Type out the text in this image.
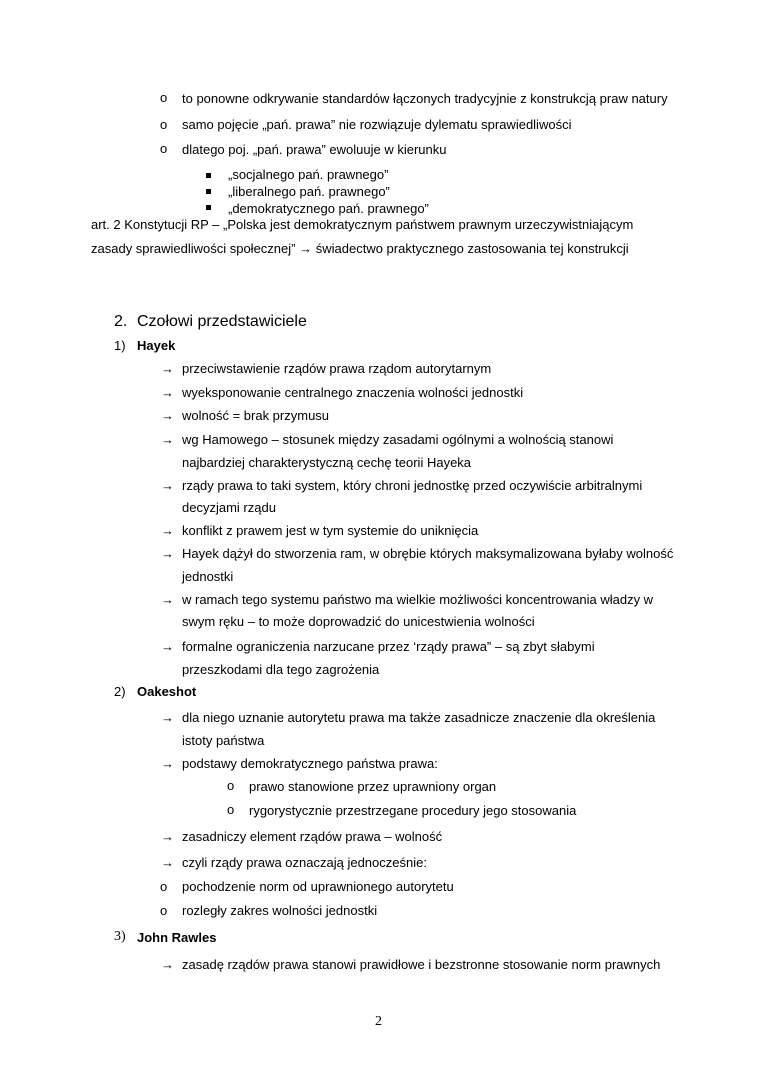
o to ponowne odkrywanie standardów łączonych tradycyjnie z konstrukcją praw natury
o samo pojęcie „pań. prawa” nie rozwiązuje dylematu sprawiedliwości
o dlatego poj. „pań. prawa” ewoluuje w kierunku
„socjalnego pań. prawnego”
„liberalnego pań. prawnego”
„demokratycznego pań. prawnego”
art. 2 Konstytucji RP – „Polska jest demokratycznym państwem prawnym urzeczywistniającym
zasady sprawiedliwości społecznej” → świadectwo praktycznego zastosowania tej konstrukcji
2. Czołowi przedstawiciele
1) Hayek
→ przeciwstawienie rządów prawa rządom autorytarnym
→ wyeksponowanie centralnego znaczenia wolności jednostki
→ wolność = brak przymusu
→ wg Hamowego – stosunek między zasadami ogólnymi a wolnością stanowi
najbardziej charakterystyczną cechę teorii Hayeka
→ rządy prawa to taki system, który chroni jednostkę przed oczywiście arbitralnymi
decyzjami rządu
→ konflikt z prawem jest w tym systemie do uniknięcia
→ Hayek dążył do stworzenia ram, w obrębie których maksymalizowana byłaby wolność
jednostki
→ w ramach tego systemu państwo ma wielkie możliwości koncentrowania władzy w
swym ręku – to może doprowadzić do unicestwienia wolności
→ formalne ograniczenia narzucane przez ‘rządy prawa” – są zbyt słabymi
przeszkodami dla tego zagrożenia
2) Oakeshot
→ dla niego uznanie autorytetu prawa ma także zasadnicze znaczenie dla określenia
istoty państwa
→ podstawy demokratycznego państwa prawa:
o prawo stanowione przez uprawniony organ
o rygorystycznie przestrzegane procedury jego stosowania
→ zasadniczy element rządów prawa – wolność
→ czyli rządy prawa oznaczają jednocześnie:
o pochodzenie norm od uprawnionego autorytetu
o rozległy zakres wolności jednostki
3) John Rawles
→ zasadę rządów prawa stanowi prawidłowe i bezstronne stosowanie norm prawnych
2
